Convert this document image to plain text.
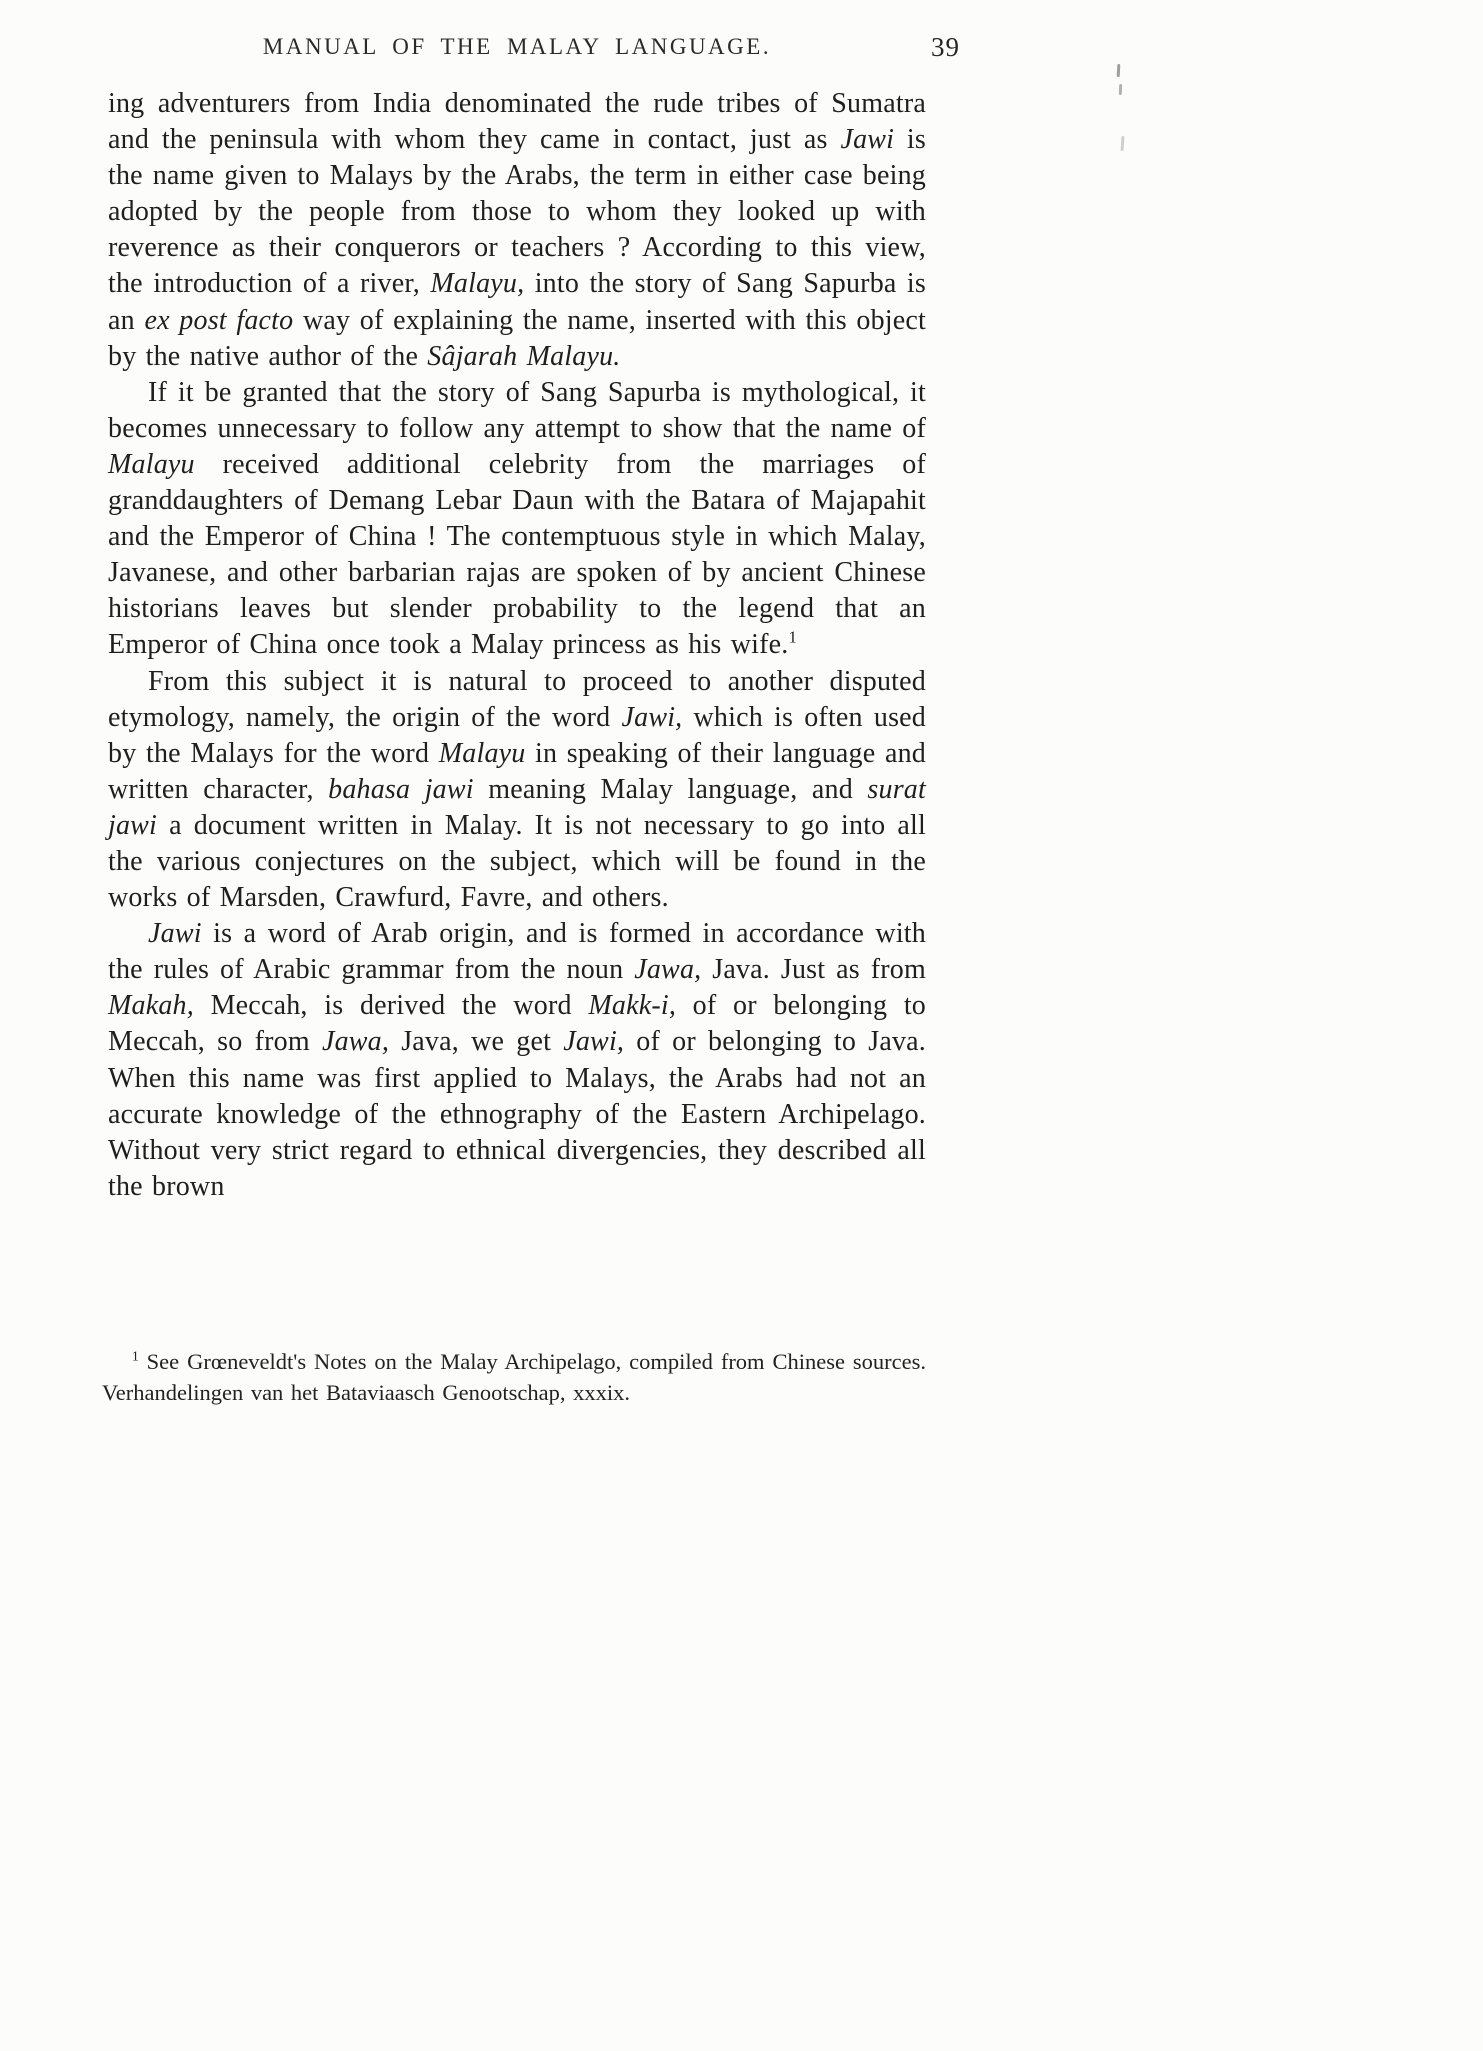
MANUAL OF THE MALAY LANGUAGE.	39

ing adventurers from India denominated the rude tribes of Sumatra and the peninsula with whom they came in contact, just as Jawi is the name given to Malays by the Arabs, the term in either case being adopted by the people from those to whom they looked up with reverence as their conquerors or teachers ? According to this view, the introduction of a river, Malayu, into the story of Sang Sapurba is an ex post facto way of explaining the name, inserted with this object by the native author of the Sâjarah Malayu.

If it be granted that the story of Sang Sapurba is mythological, it becomes unnecessary to follow any attempt to show that the name of Malayu received additional celebrity from the marriages of granddaughters of Demang Lebar Daun with the Batara of Majapahit and the Emperor of China ! The contemptuous style in which Malay, Javanese, and other barbarian rajas are spoken of by ancient Chinese historians leaves but slender probability to the legend that an Emperor of China once took a Malay princess as his wife.$^1$

From this subject it is natural to proceed to another disputed etymology, namely, the origin of the word Jawi, which is often used by the Malays for the word Malayu in speaking of their language and written character, bahasa jawi meaning Malay language, and surat jawi a document written in Malay. It is not necessary to go into all the various conjectures on the subject, which will be found in the works of Marsden, Crawfurd, Favre, and others.

Jawi is a word of Arab origin, and is formed in accordance with the rules of Arabic grammar from the noun Jawa, Java. Just as from Makah, Meccah, is derived the word Makk-i, of or belonging to Meccah, so from Jawa, Java, we get Jawi, of or belonging to Java. When this name was first applied to Malays, the Arabs had not an accurate knowledge of the ethnography of the Eastern Archipelago. Without very strict regard to ethnical divergencies, they described all the brown

$^1$ See Grœneveldt's Notes on the Malay Archipelago, compiled from Chinese sources. Verhandelingen van het Bataviaasch Genootschap, xxxix.
